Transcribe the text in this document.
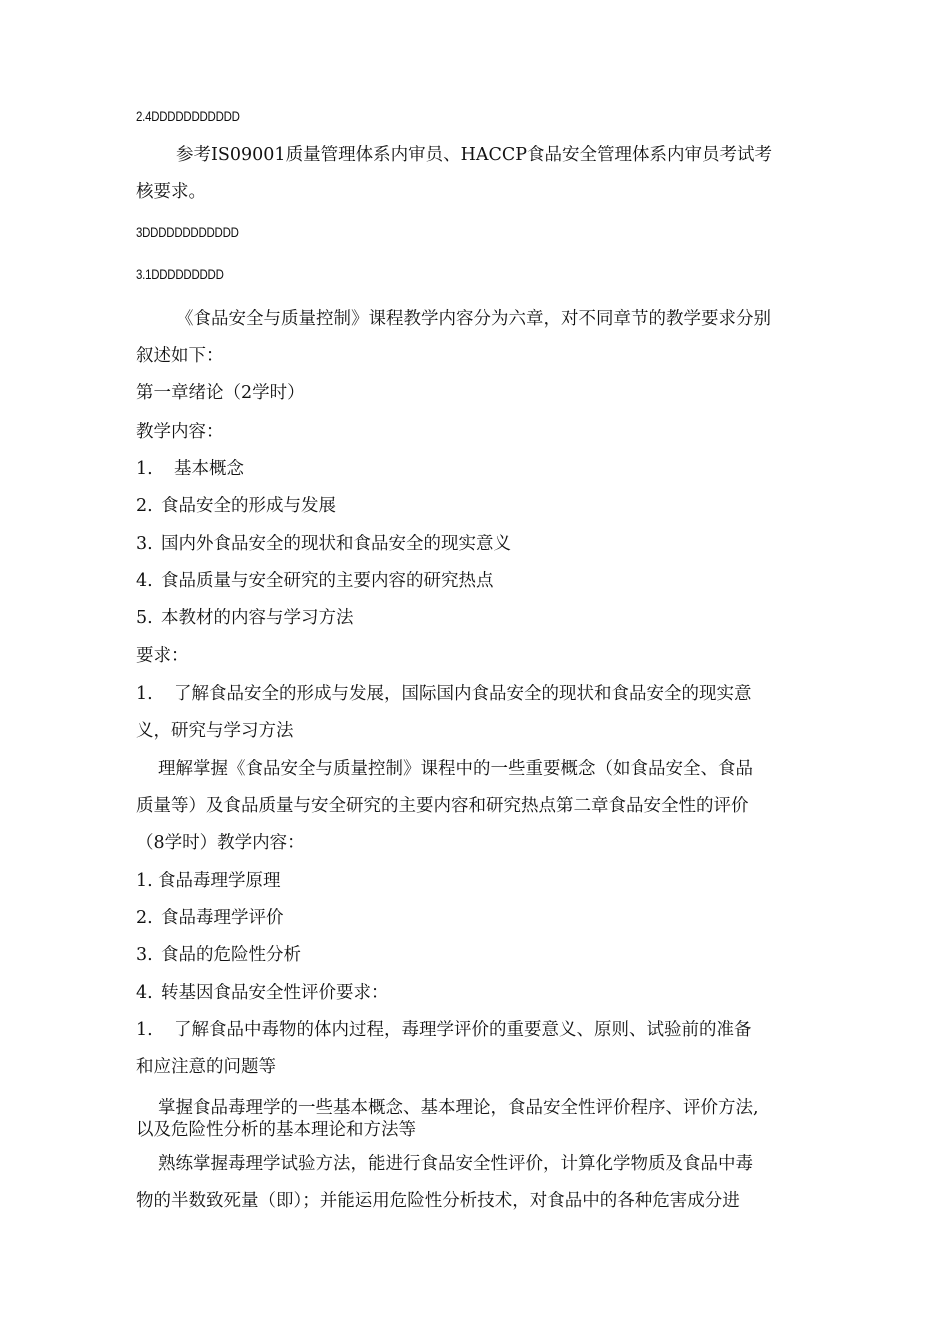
2.4DDDDDDDDDDD
参考IS09001质量管理体系内审员、HACCP食品安全管理体系内审员考试考
核要求。
3DDDDDDDDDDDD
3.1DDDDDDDDD
《食品安全与质量控制》课程教学内容分为六章，对不同章节的教学要求分别
叙述如下：
第一章绪论（2学时）
教学内容：
1. 基本概念
2. 食品安全的形成与发展
3. 国内外食品安全的现状和食品安全的现实意义
4. 食品质量与安全研究的主要内容的研究热点
5. 本教材的内容与学习方法
要求：
1. 了解食品安全的形成与发展，国际国内食品安全的现状和食品安全的现实意
义，研究与学习方法
理解掌握《食品安全与质量控制》课程中的一些重要概念（如食品安全、食品
质量等）及食品质量与安全研究的主要内容和研究热点第二章食品安全性的评价
（8学时）教学内容：
1. 食品毒理学原理
2. 食品毒理学评价
3. 食品的危险性分析
4. 转基因食品安全性评价要求：
1. 了解食品中毒物的体内过程，毒理学评价的重要意义、原则、试验前的准备
和应注意的问题等
掌握食品毒理学的一些基本概念、基本理论，食品安全性评价程序、评价方法,
以及危险性分析的基本理论和方法等
熟练掌握毒理学试验方法，能进行食品安全性评价，计算化学物质及食品中毒
物的半数致死量（即）；并能运用危险性分析技术，对食品中的各种危害成分进
